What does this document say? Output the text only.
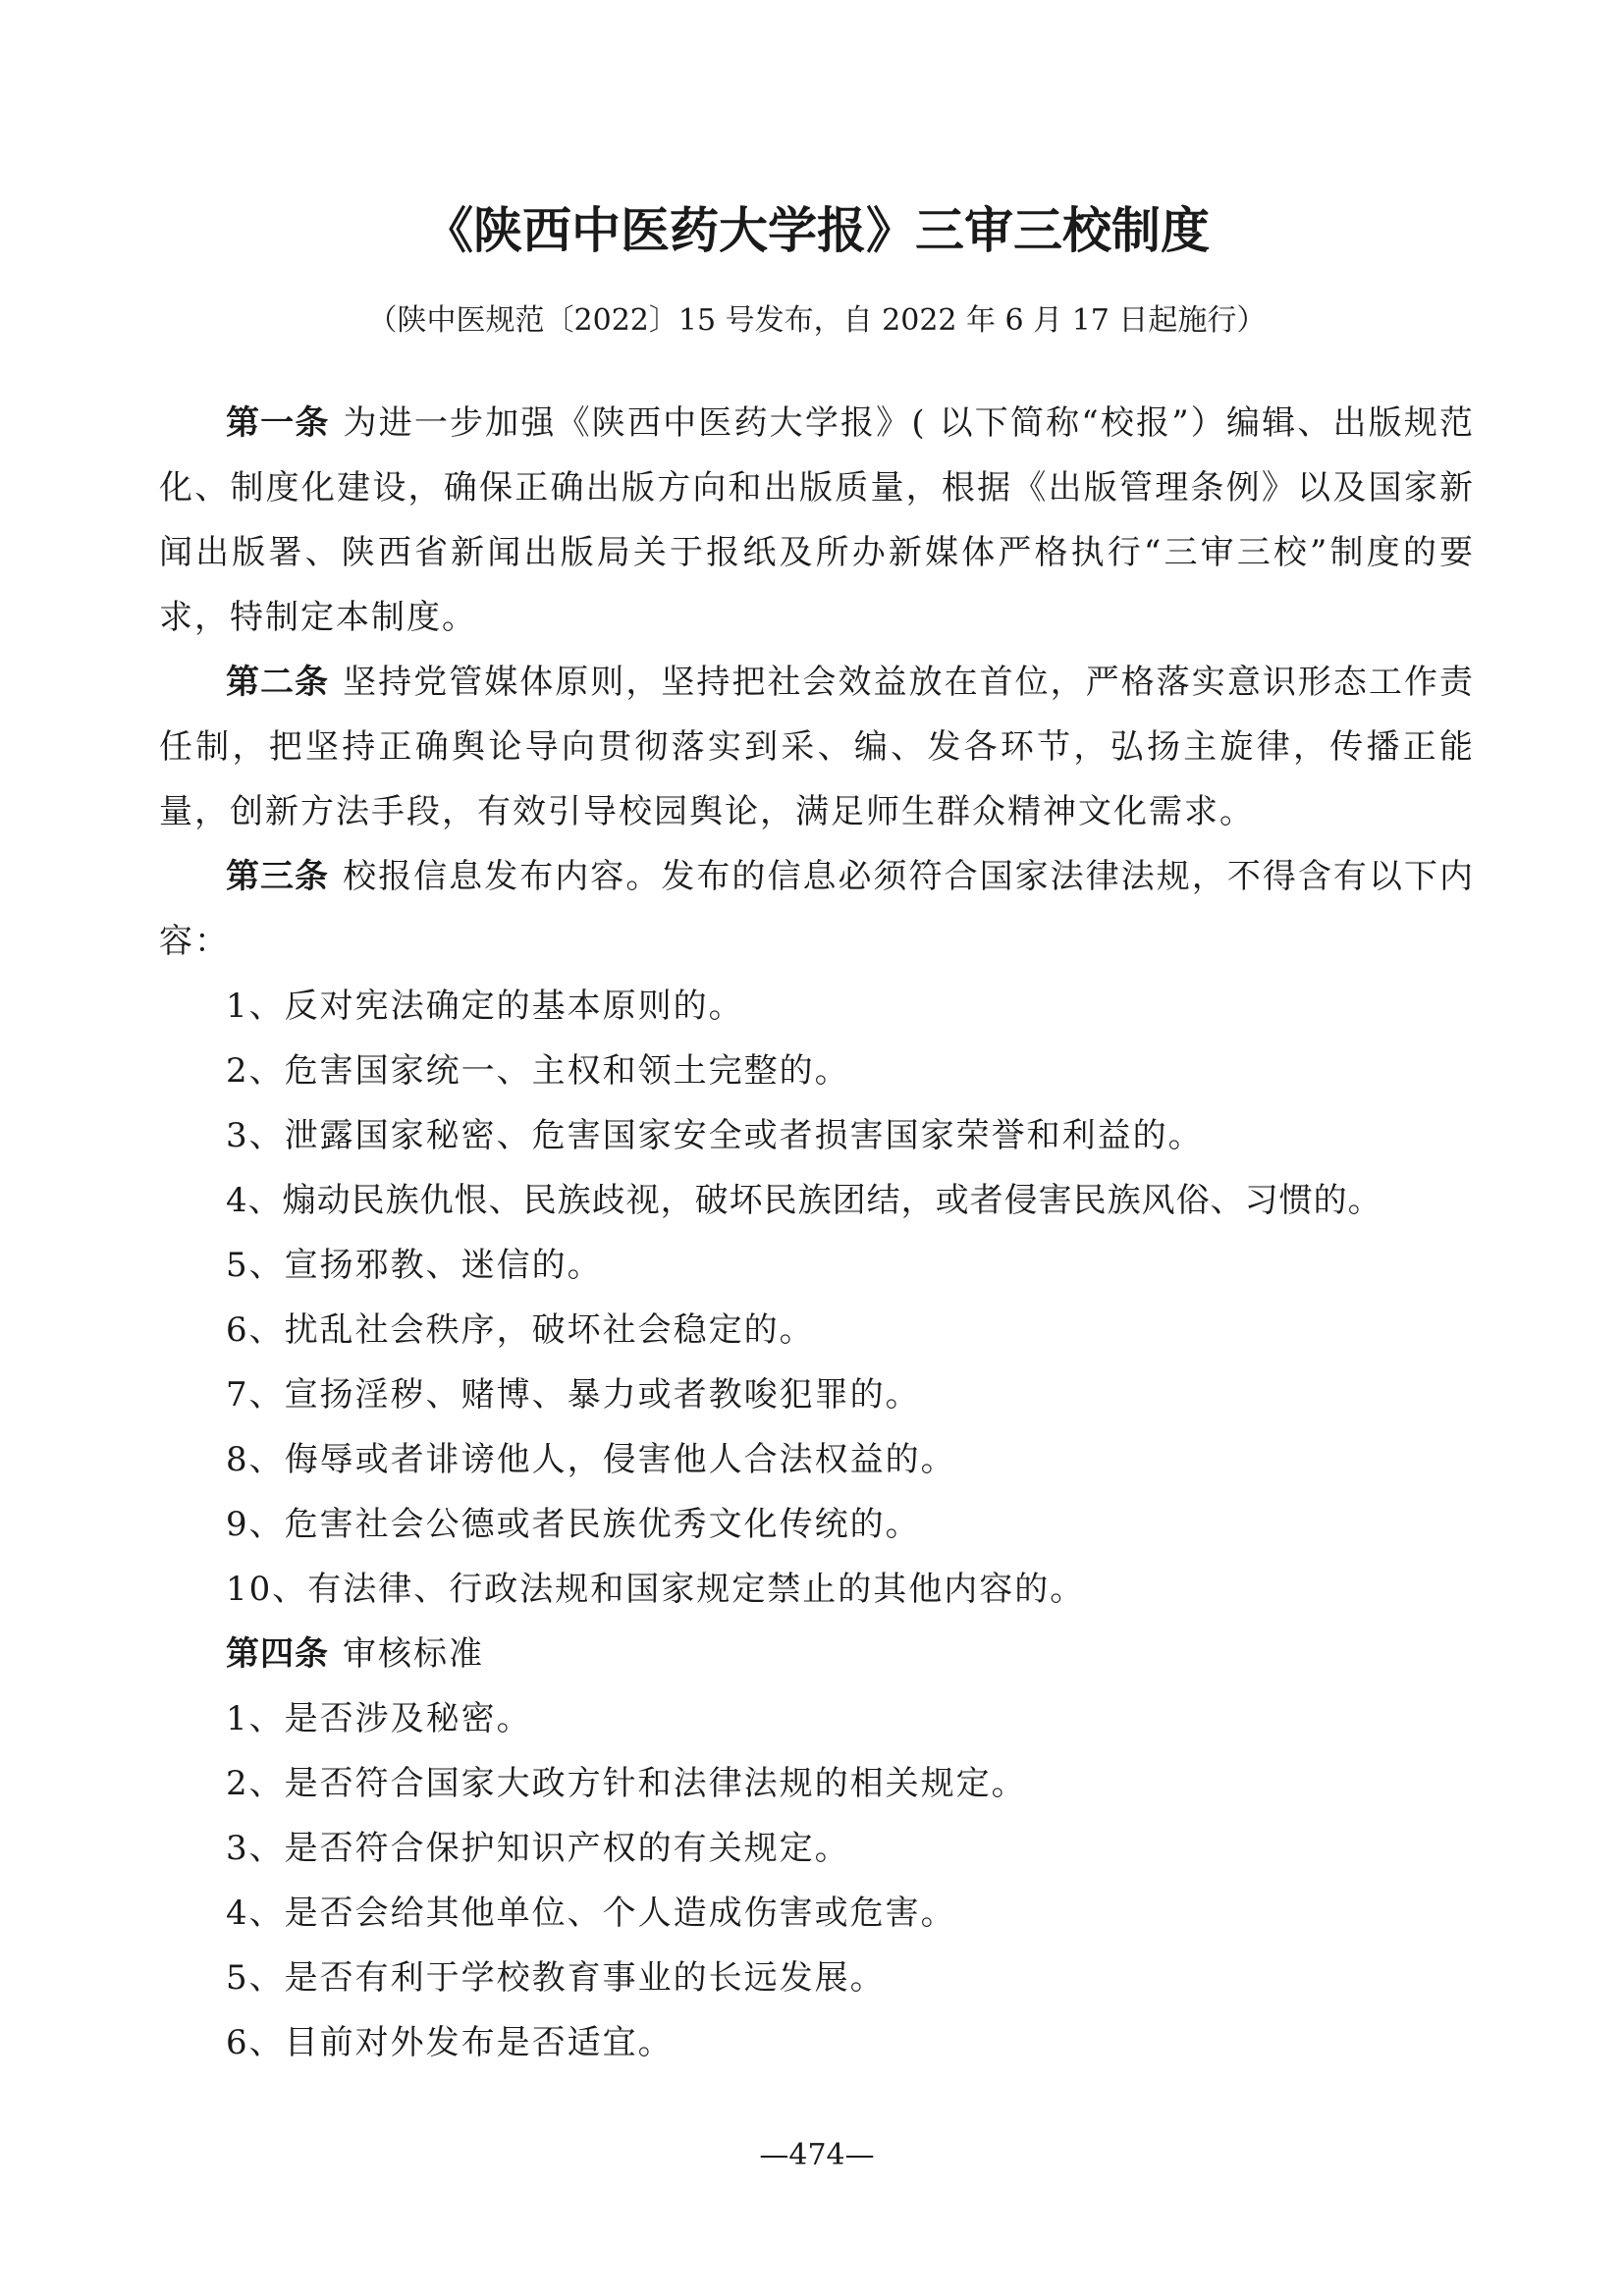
《陕西中医药大学报》三审三校制度

（陕中医规范〔2022〕15 号发布，自 2022 年 6 月 17 日起施行）

第一条 为进一步加强《陕西中医药大学报》( 以下简称“校报”）编辑、出版规范化、制度化建设，确保正确出版方向和出版质量，根据《出版管理条例》以及国家新闻出版署、陕西省新闻出版局关于报纸及所办新媒体严格执行“三审三校”制度的要求，特制定本制度。

第二条 坚持党管媒体原则，坚持把社会效益放在首位，严格落实意识形态工作责任制，把坚持正确舆论导向贯彻落实到采、编、发各环节，弘扬主旋律，传播正能量，创新方法手段，有效引导校园舆论，满足师生群众精神文化需求。

第三条 校报信息发布内容。发布的信息必须符合国家法律法规，不得含有以下内容：

1、反对宪法确定的基本原则的。

2、危害国家统一、主权和领土完整的。

3、泄露国家秘密、危害国家安全或者损害国家荣誉和利益的。

4、煽动民族仇恨、民族歧视，破坏民族团结，或者侵害民族风俗、习惯的。

5、宣扬邪教、迷信的。

6、扰乱社会秩序，破坏社会稳定的。

7、宣扬淫秽、赌博、暴力或者教唆犯罪的。

8、侮辱或者诽谤他人，侵害他人合法权益的。

9、危害社会公德或者民族优秀文化传统的。

10、有法律、行政法规和国家规定禁止的其他内容的。

第四条 审核标准

1、是否涉及秘密。

2、是否符合国家大政方针和法律法规的相关规定。

3、是否符合保护知识产权的有关规定。

4、是否会给其他单位、个人造成伤害或危害。

5、是否有利于学校教育事业的长远发展。

6、目前对外发布是否适宜。

—474—
